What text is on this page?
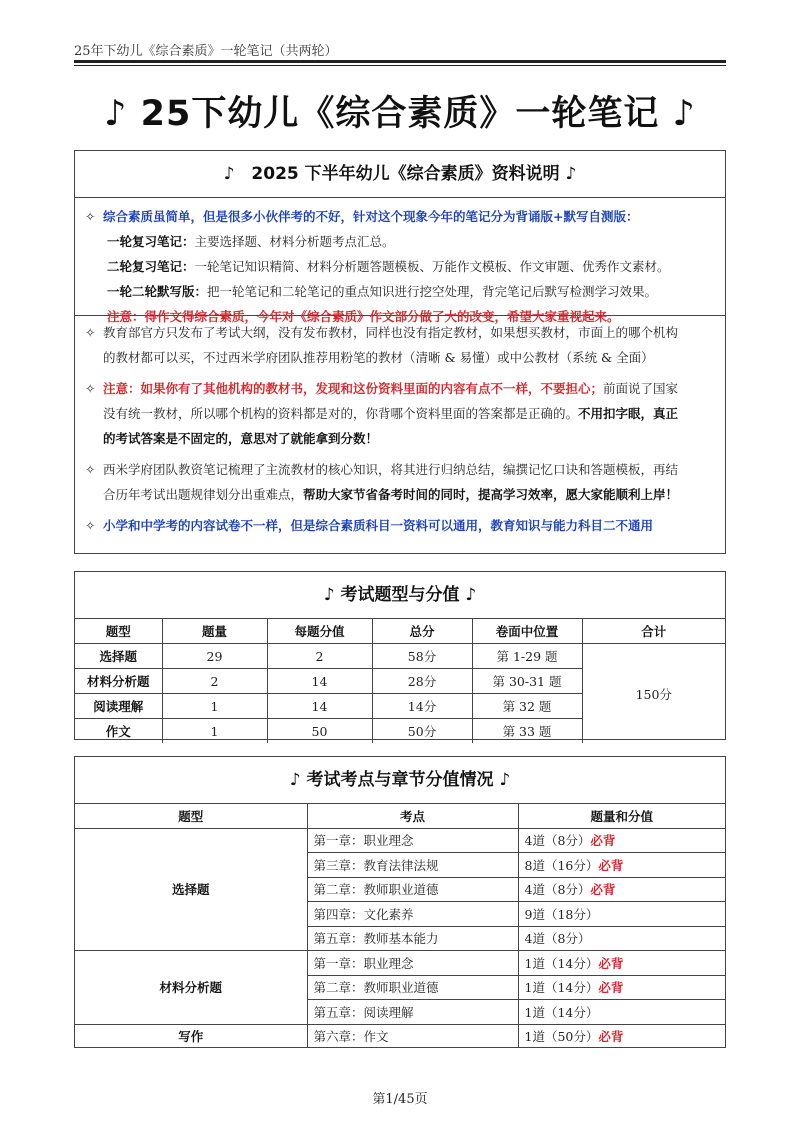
25年下幼儿《综合素质》一轮笔记（共两轮）
♪ 25下幼儿《综合素质》一轮笔记 ♪
♪　2025 下半年幼儿《综合素质》资料说明 ♪
✧ 综合素质虽简单，但是很多小伙伴考的不好，针对这个现象今年的笔记分为背诵版+默写自测版：
一轮复习笔记：主要选择题、材料分析题考点汇总。
二轮复习笔记：一轮笔记知识精简、材料分析题答题模板、万能作文模板、作文审题、优秀作文素材。
一轮二轮默写版：把一轮笔记和二轮笔记的重点知识进行挖空处理，背完笔记后默写检测学习效果。
注意：得作文得综合素质，今年对《综合素质》作文部分做了大的改变，希望大家重视起来。
✧ 教育部官方只发布了考试大纲，没有发布教材，同样也没有指定教材，如果想买教材，市面上的哪个机构
的教材都可以买，不过西米学府团队推荐用粉笔的教材（清晰 & 易懂）或中公教材（系统 & 全面）
✧ 注意：如果你有了其他机构的教材书，发现和这份资料里面的内容有点不一样，不要担心；前面说了国家
没有统一教材，所以哪个机构的资料都是对的，你背哪个资料里面的答案都是正确的。不用扣字眼，真正
的考试答案是不固定的，意思对了就能拿到分数！
✧ 西米学府团队教资笔记梳理了主流教材的核心知识，将其进行归纳总结，编撰记忆口诀和答题模板，再结
合历年考试出题规律划分出重难点，帮助大家节省备考时间的同时，提高学习效率，愿大家能顺利上岸！
✧ 小学和中学考的内容试卷不一样，但是综合素质科目一资料可以通用，教育知识与能力科目二不通用
♪ 考试题型与分值 ♪
题型	题量	每题分值	总分	卷面中位置	合计
选择题	29	2	58分	第 1-29 题	150分
材料分析题	2	14	28分	第 30-31 题	
阅读理解	1	14	14分	第 32 题	
作文	1	50	50分	第 33 题	
♪ 考试考点与章节分值情况 ♪
题型	考点	题量和分值
选择题	第一章：职业理念	4道（8分）必背
	第三章：教育法律法规	8道（16分）必背
	第二章：教师职业道德	4道（8分）必背
	第四章：文化素养	9道（18分）
	第五章：教师基本能力	4道（8分）
材料分析题	第一章：职业理念	1道（14分）必背
	第二章：教师职业道德	1道（14分）必背
	第五章：阅读理解	1道（14分）
写作	第六章：作文	1道（50分）必背
第1/45页
